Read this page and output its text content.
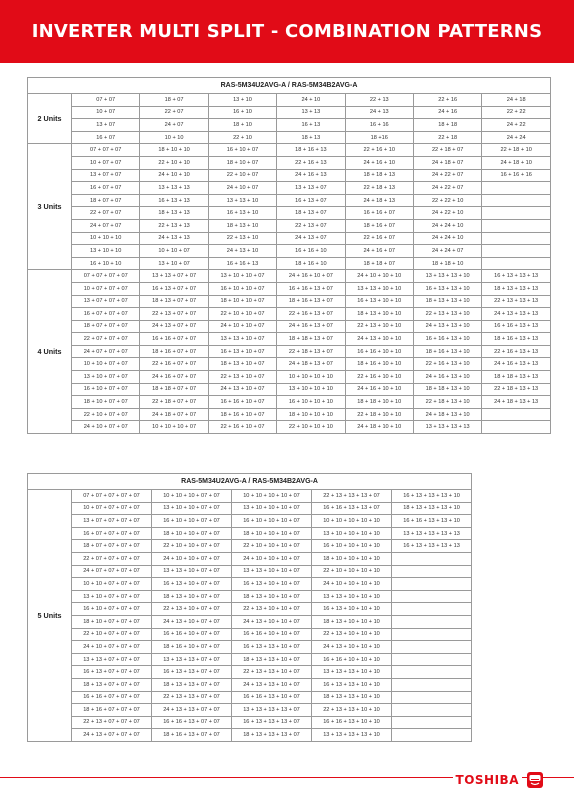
INVERTER MULTI SPLIT - COMBINATION PATTERNS
RAS-5M34U2AVG-A / RAS-5M34B2AVG-A							
2 Units	07 + 07	18 + 07	13 + 10	24 + 10	22 + 13	22 + 16	24 + 18
	10 + 07	22 + 07	16 + 10	13 + 13	24 + 13	24 + 16	22 + 22
	13 + 07	24 + 07	18 + 10	16 + 13	16 + 16	18 + 18	24 + 22
	16 + 07	10 + 10	22 + 10	18 + 13	18 +16	22 + 18	24 + 24
3 Units	07 + 07 + 07	18 + 10 + 10	16 + 10 + 07	18 + 16 + 13	22 + 16 + 10	22 + 18 + 07	22 + 18 + 10
	10 + 07 + 07	22 + 10 + 10	18 + 10 + 07	22 + 16 + 13	24 + 16 + 10	24 + 18 + 07	24 + 18 + 10
	13 + 07 + 07	24 + 10 + 10	22 + 10 + 07	24 + 16 + 13	18 + 18 + 13	24 + 22 + 07	16 + 16 + 16
	16 + 07 + 07	13 + 13 + 13	24 + 10 + 07	13 + 13 + 07	22 + 18 + 13	24 + 22 + 07	
	18 + 07 + 07	16 + 13 + 13	13 + 13 + 10	16 + 13 + 07	24 + 18 + 13	22 + 22 + 10	
	22 + 07 + 07	18 + 13 + 13	16 + 13 + 10	18 + 13 + 07	16 + 16 + 07	24 + 22 + 10	
	24 + 07 + 07	22 + 13 + 13	18 + 13 + 10	22 + 13 + 07	18 + 16 + 07	24 + 24 + 10	
	10 + 10 + 10	24 + 13 + 13	22 + 13 + 10	24 + 13 + 07	22 + 16 + 07	24 + 24 + 10	
	13 + 10 + 10	10 + 10 + 07	24 + 13 + 10	16 + 16 + 10	24 + 16 + 07	24 + 24 + 07	
	16 + 10 + 10	13 + 10 + 07	16 + 16 + 13	18 + 16 + 10	18 + 18 + 07	18 + 18 + 10	
4 Units	07 + 07 + 07 + 07	13 + 13 + 07 + 07	13 + 10 + 10 + 07	24 + 16 + 10 + 07	24 + 10 + 10 + 10	13 + 13 + 13 + 10	16 + 13 + 13 + 13
	10 + 07 + 07 + 07	16 + 13 + 07 + 07	16 + 10 + 10 + 07	16 + 16 + 13 + 07	13 + 13 + 10 + 10	16 + 13 + 13 + 10	18 + 13 + 13 + 13
	13 + 07 + 07 + 07	18 + 13 + 07 + 07	18 + 10 + 10 + 07	18 + 16 + 13 + 07	16 + 13 + 10 + 10	18 + 13 + 13 + 10	22 + 13 + 13 + 13
	16 + 07 + 07 + 07	22 + 13 + 07 + 07	22 + 10 + 10 + 07	22 + 16 + 13 + 07	18 + 13 + 10 + 10	22 + 13 + 13 + 10	24 + 13 + 13 + 13
	18 + 07 + 07 + 07	24 + 13 + 07 + 07	24 + 10 + 10 + 07	24 + 16 + 13 + 07	22 + 13 + 10 + 10	24 + 13 + 13 + 10	16 + 16 + 13 + 13
	22 + 07 + 07 + 07	16 + 16 + 07 + 07	13 + 13 + 10 + 07	18 + 18 + 13 + 07	24 + 13 + 10 + 10	16 + 16 + 13 + 10	18 + 16 + 13 + 13
	24 + 07 + 07 + 07	18 + 16 + 07 + 07	16 + 13 + 10 + 07	22 + 18 + 13 + 07	16 + 16 + 10 + 10	18 + 16 + 13 + 10	22 + 16 + 13 + 13
	10 + 10 + 07 + 07	22 + 16 + 07 + 07	18 + 13 + 10 + 07	24 + 18 + 13 + 07	18 + 16 + 10 + 10	22 + 16 + 13 + 10	24 + 16 + 13 + 13
	13 + 10 + 07 + 07	24 + 16 + 07 + 07	22 + 13 + 10 + 07	10 + 10 + 10 + 10	22 + 16 + 10 + 10	24 + 16 + 13 + 10	18 + 18 + 13 + 13
	16 + 10 + 07 + 07	18 + 18 + 07 + 07	24 + 13 + 10 + 07	13 + 10 + 10 + 10	24 + 16 + 10 + 10	18 + 18 + 13 + 10	22 + 18 + 13 + 13
	18 + 10 + 07 + 07	22 + 18 + 07 + 07	16 + 16 + 10 + 07	16 + 10 + 10 + 10	18 + 18 + 10 + 10	22 + 18 + 13 + 10	24 + 18 + 13 + 13
	22 + 10 + 07 + 07	24 + 18 + 07 + 07	18 + 16 + 10 + 07	18 + 10 + 10 + 10	22 + 18 + 10 + 10	24 + 18 + 13 + 10	
	24 + 10 + 07 + 07	10 + 10 + 10 + 07	22 + 16 + 10 + 07	22 + 10 + 10 + 10	24 + 18 + 10 + 10	13 + 13 + 13 + 13	
RAS-5M34U2AVG-A / RAS-5M34B2AVG-A					
5 Units	07 + 07 + 07 + 07 + 07	10 + 10 + 10 + 07 + 07	10 + 10 + 10 + 10 + 07	22 + 13 + 13 + 13 + 07	16 + 13 + 13 + 13 + 10
	10 + 07 + 07 + 07 + 07	13 + 10 + 10 + 07 + 07	13 + 10 + 10 + 10 + 07	16 + 16 + 13 + 13 + 07	18 + 13 + 13 + 13 + 10
	13 + 07 + 07 + 07 + 07	16 + 10 + 10 + 07 + 07	16 + 10 + 10 + 10 + 07	10 + 10 + 10 + 10 + 10	16 + 16 + 13 + 13 + 10
	16 + 07 + 07 + 07 + 07	18 + 10 + 10 + 07 + 07	18 + 10 + 10 + 10 + 07	13 + 10 + 10 + 10 + 10	13 + 13 + 13 + 13 + 13
	18 + 07 + 07 + 07 + 07	22 + 10 + 10 + 07 + 07	22 + 10 + 10 + 10 + 07	16 + 10 + 10 + 10 + 10	16 + 13 + 13 + 13 + 13
	22 + 07 + 07 + 07 + 07	24 + 10 + 10 + 07 + 07	24 + 10 + 10 + 10 + 07	18 + 10 + 10 + 10 + 10	
	24 + 07 + 07 + 07 + 07	13 + 13 + 10 + 07 + 07	13 + 13 + 10 + 10 + 07	22 + 10 + 10 + 10 + 10	
	10 + 10 + 07 + 07 + 07	16 + 13 + 10 + 07 + 07	16 + 13 + 10 + 10 + 07	24 + 10 + 10 + 10 + 10	
	13 + 10 + 07 + 07 + 07	18 + 13 + 10 + 07 + 07	18 + 13 + 10 + 10 + 07	13 + 13 + 10 + 10 + 10	
	16 + 10 + 07 + 07 + 07	22 + 13 + 10 + 07 + 07	22 + 13 + 10 + 10 + 07	16 + 13 + 10 + 10 + 10	
	18 + 10 + 07 + 07 + 07	24 + 13 + 10 + 07 + 07	24 + 13 + 10 + 10 + 07	18 + 13 + 10 + 10 + 10	
	22 + 10 + 07 + 07 + 07	16 + 16 + 10 + 07 + 07	16 + 16 + 10 + 10 + 07	22 + 13 + 10 + 10 + 10	
	24 + 10 + 07 + 07 + 07	18 + 16 + 10 + 07 + 07	16 + 13 + 13 + 10 + 07	24 + 13 + 10 + 10 + 10	
	13 + 13 + 07 + 07 + 07	13 + 13 + 13 + 07 + 07	18 + 13 + 13 + 10 + 07	16 + 16 + 10 + 10 + 10	
	16 + 13 + 07 + 07 + 07	16 + 13 + 13 + 07 + 07	22 + 13 + 13 + 10 + 07	13 + 13 + 13 + 10 + 10	
	18 + 13 + 07 + 07 + 07	18 + 13 + 13 + 07 + 07	24 + 13 + 13 + 10 + 07	16 + 13 + 13 + 10 + 10	
	16 + 16 + 07 + 07 + 07	22 + 13 + 13 + 07 + 07	16 + 16 + 13 + 10 + 07	18 + 13 + 13 + 10 + 10	
	18 + 16 + 07 + 07 + 07	24 + 13 + 13 + 07 + 07	13 + 13 + 13 + 13 + 07	22 + 13 + 13 + 10 + 10	
	22 + 13 + 07 + 07 + 07	16 + 16 + 13 + 07 + 07	16 + 13 + 13 + 13 + 07	16 + 16 + 13 + 10 + 10	
	24 + 13 + 07 + 07 + 07	18 + 16 + 13 + 07 + 07	18 + 13 + 13 + 13 + 07	13 + 13 + 13 + 13 + 10	
TOSHIBA
